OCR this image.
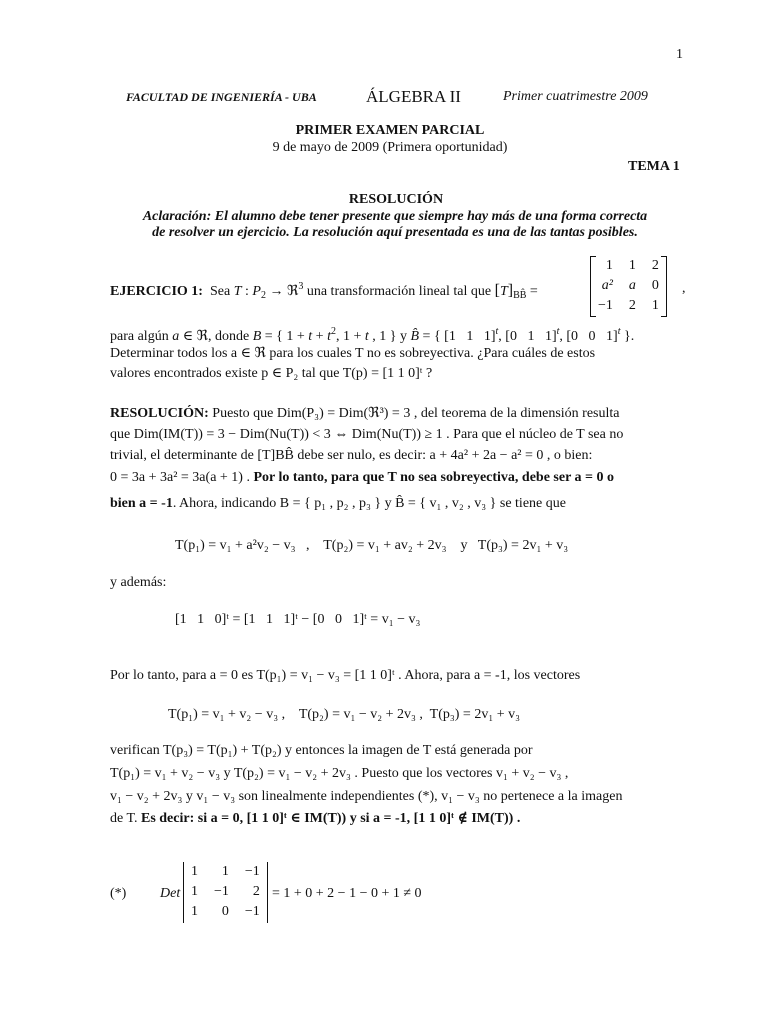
1
FACULTAD DE INGENIERÍA - UBA	ÁLGEBRA II	Primer cuatrimestre 2009
PRIMER EXAMEN PARCIAL
9 de mayo de 2009 (Primera oportunidad)
TEMA 1
RESOLUCIÓN
Aclaración: El alumno debe tener presente que siempre hay más de una forma correcta
de resolver un ejercicio. La resolución aquí presentada es una de las tantas posibles.
EJERCICIO 1: Sea T : $P_2$ → ℜ$^3$ una transformación lineal tal que $[T]_{BB̂}$ =
1	1	2
a²	a	0
−1	2	1
,
para algún a ∈ ℜ, donde B = { $1 + t + t^2$, 1 + t , 1 } y B̂ = { [1   1   1]$^t$, [0   1   1]$^t$, [0   0   1]$^t$ }.
Determinar todos los a ∈ ℜ para los cuales T no es sobreyectiva. ¿Para cuáles de estos
valores encontrados existe p ∈ P₂ tal que T(p) = [1 1 0]ᵗ ?
RESOLUCIÓN: Puesto que Dim(P₃) = Dim(ℜ³) = 3 , del teorema de la dimensión resulta
que Dim(IM(T)) = 3 − Dim(Nu(T)) < 3 ⇔ Dim(Nu(T)) ≥ 1 . Para que el núcleo de T sea no
trivial, el determinante de [T]BB̂ debe ser nulo, es decir: a + 4a² + 2a − a² = 0 , o bien:
0 = 3a + 3a² = 3a(a + 1) . Por lo tanto, para que T no sea sobreyectiva, debe ser a = 0 o
bien a = -1. Ahora, indicando B = { p₁ , p₂ , p₃ } y B̂ = { v₁ , v₂ , v₃ } se tiene que
T(p₁) = v₁ + a²v₂ − v₃   ,    T(p₂) = v₁ + av₂ + 2v₃    y   T(p₃) = 2v₁ + v₃
y además:
[1   1   0]ᵗ = [1   1   1]ᵗ − [0   0   1]ᵗ = v₁ − v₃
Por lo tanto, para a = 0 es T(p₁) = v₁ − v₃ = [1 1 0]ᵗ . Ahora, para a = -1, los vectores
T(p₁) = v₁ + v₂ − v₃ ,    T(p₂) = v₁ − v₂ + 2v₃ ,  T(p₃) = 2v₁ + v₃
verifican T(p₃) = T(p₁) + T(p₂) y entonces la imagen de T está generada por
T(p₁) = v₁ + v₂ − v₃ y T(p₂) = v₁ − v₂ + 2v₃ . Puesto que los vectores v₁ + v₂ − v₃ ,
v₁ − v₂ + 2v₃ y v₁ − v₃ son linealmente independientes (*), v₁ − v₃ no pertenece a la imagen
de T. Es decir: si a = 0, [1 1 0]ᵗ ∈ IM(T)) y si a = -1, [1 1 0]ᵗ ∉ IM(T)) .
(*) Det
1	1	−1
1	−1	2
1	0	−1
= 1 + 0 + 2 − 1 − 0 + 1 ≠ 0
